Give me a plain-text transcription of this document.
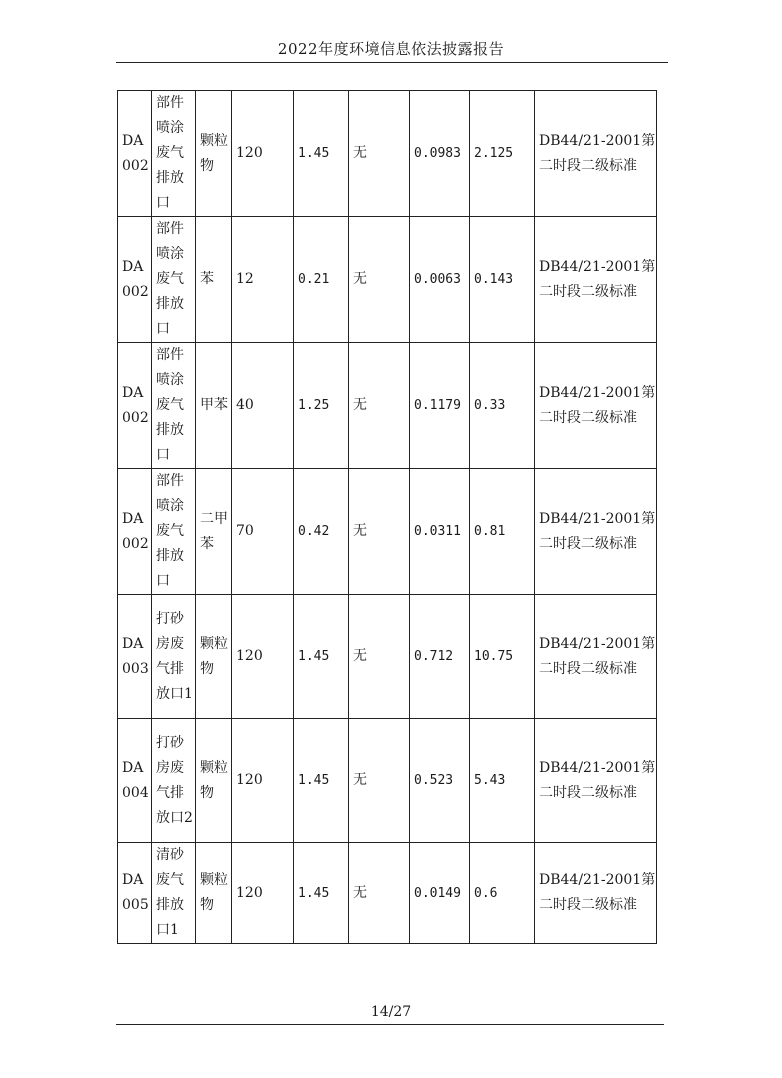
2022年度环境信息依法披露报告
DA002	部件喷涂废气排放口	颗粒物	120	1.45	无	0.0983	2.125	DB44/21-2001第二时段二级标准
DA002	部件喷涂废气排放口	苯	12	0.21	无	0.0063	0.143	DB44/21-2001第二时段二级标准
DA002	部件喷涂废气排放口	甲苯	40	1.25	无	0.1179	0.33	DB44/21-2001第二时段二级标准
DA002	部件喷涂废气排放口	二甲苯	70	0.42	无	0.0311	0.81	DB44/21-2001第二时段二级标准
DA003	打砂房废气排放口1	颗粒物	120	1.45	无	0.712	10.75	DB44/21-2001第二时段二级标准
DA004	打砂房废气排放口2	颗粒物	120	1.45	无	0.523	5.43	DB44/21-2001第二时段二级标准
DA005	清砂废气排放口1	颗粒物	120	1.45	无	0.0149	0.6	DB44/21-2001第二时段二级标准
14/27
